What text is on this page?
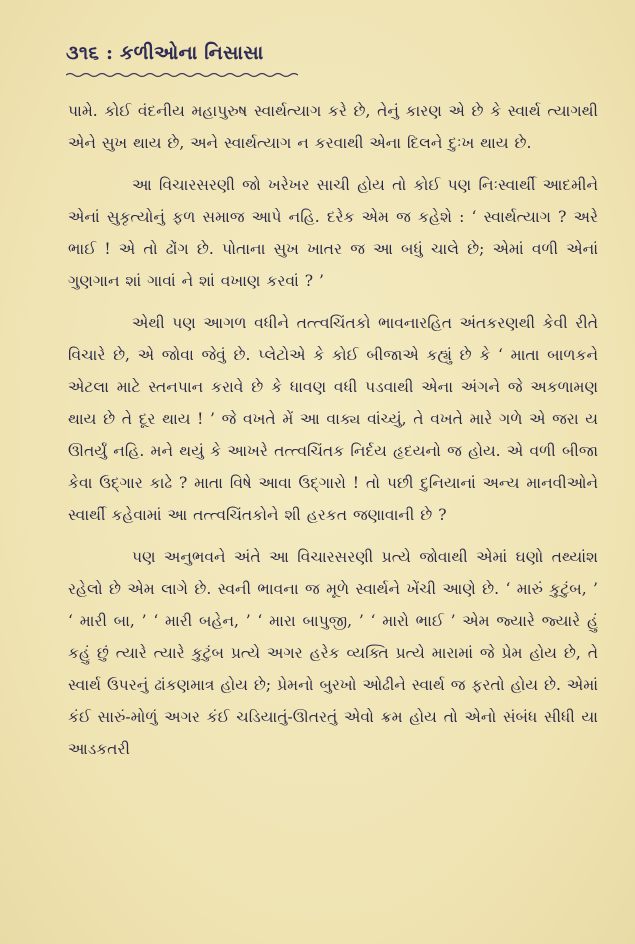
૩૧૬ : કળીઓના નિસાસા

પામે. કોઈ વંદનીય મહાપુરુષ સ્વાર્થત્યાગ કરે છે, તેનું કારણ એ છે કે સ્વાર્થ ત્યાગથી એને સુખ થાય છે, અને સ્વાર્થત્યાગ ન કરવાથી એના દિલને દુઃખ થાય છે.

આ વિચારસરણી જો ખરેખર સાચી હોય તો કોઈ પણ નિઃસ્વાર્થી આદમીને એનાં સુકૃત્યોનું ફળ સમાજ આપે નહિ. દરેક એમ જ કહેશે : ‘ સ્વાર્થત્યાગ ? અરે ભાઈ ! એ તો ઢોંગ છે. પોતાના સુખ ખાતર જ આ બધું ચાલે છે; એમાં વળી એનાં ગુણગાન શાં ગાવાં ને શાં વખાણ કરવાં ? ’

એથી પણ આગળ વધીને તત્ત્વચિંતકો ભાવનારહિત અંતકરણથી કેવી રીતે વિચારે છે, એ જોવા જેવું છે. પ્લેટોએ કે કોઈ બીજાએ કહ્યું છે કે ‘ માતા બાળકને એટલા માટે સ્તનપાન કરાવે છે કે ધાવણ વધી પડવાથી એના અંગને જે અકળામણ થાય છે તે દૂર થાય ! ’ જે વખતે મેં આ વાક્ય વાંચ્યું, તે વખતે મારે ગળે એ જરા ય ઊતર્યું નહિ. મને થયું કે આખરે તત્ત્વચિંતક નિર્દય હૃદયનો જ હોય. એ વળી બીજા કેવા ઉદ્ગાર કાઢે ? માતા વિષે આવા ઉદ્ગારો ! તો પછી દુનિયાનાં અન્ય માનવીઓને સ્વાર્થી કહેવામાં આ તત્ત્વચિંતકોને શી હરકત જણાવાની છે ?

પણ અનુભવને અંતે આ વિચારસરણી પ્રત્યે જોવાથી એમાં ઘણો તથ્યાંશ રહેલો છે એમ લાગે છે. સ્વની ભાવના જ મૂળે સ્વાર્થને ખેંચી આણે છે. ‘ મારું કુટુંબ, ’ ‘ મારી બા, ’ ‘ મારી બહેન, ’ ‘ મારા બાપુજી, ’ ‘ મારો ભાઈ ’ એમ જ્યારે જ્યારે હું કહું છું ત્યારે ત્યારે કુટુંબ પ્રત્યે અગર હરેક વ્યક્તિ પ્રત્યે મારામાં જે પ્રેમ હોય છે, તે સ્વાર્થ ઉપરનું ઢાંકણમાત્ર હોય છે; પ્રેમનો બુરખો ઓઢીને સ્વાર્થ જ ફરતો હોય છે. એમાં કંઈ સારું-મોળું અગર કંઈ ચડિયાતું-ઊતરતું એવો ક્રમ હોય તો એનો સંબંધ સીધી યા આડકતરી
